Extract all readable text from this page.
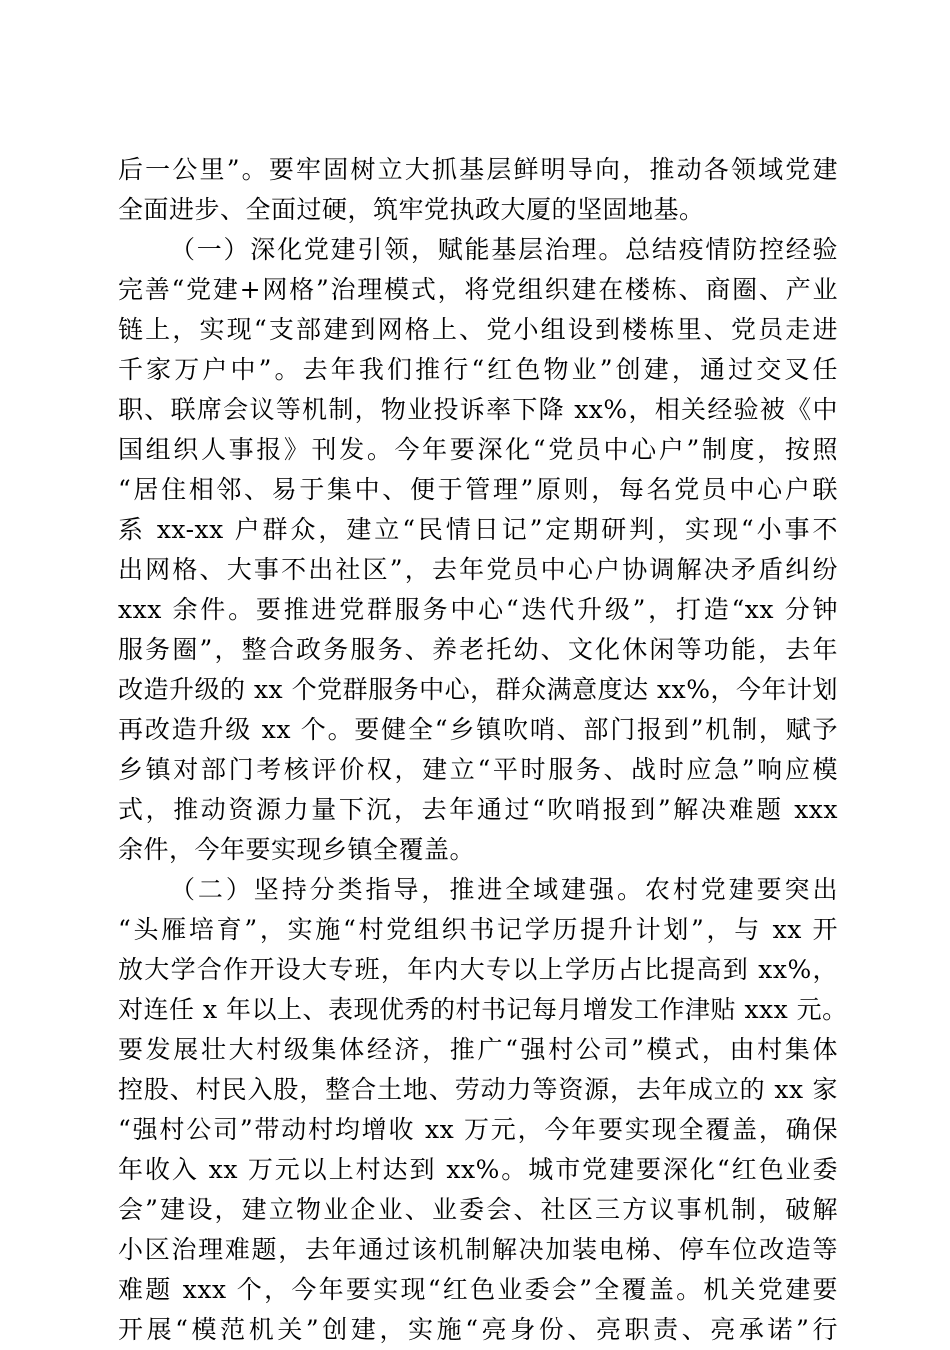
后一公里”。要牢固树立大抓基层鲜明导向，推动各领域党建
全面进步、全面过硬，筑牢党执政大厦的坚固地基。
（一）深化党建引领，赋能基层治理。总结疫情防控经验
完善“党建+网格”治理模式，将党组织建在楼栋、商圈、产业
链上，实现“支部建到网格上、党小组设到楼栋里、党员走进
千家万户中”。去年我们推行“红色物业”创建，通过交叉任
职、联席会议等机制，物业投诉率下降 xx%，相关经验被《中
国组织人事报》刊发。今年要深化“党员中心户”制度，按照
“居住相邻、易于集中、便于管理”原则，每名党员中心户联
系 xx-xx 户群众，建立“民情日记”定期研判，实现“小事不
出网格、大事不出社区”，去年党员中心户协调解决矛盾纠纷
xxx 余件。要推进党群服务中心“迭代升级”，打造“xx 分钟
服务圈”，整合政务服务、养老托幼、文化休闲等功能，去年
改造升级的 xx 个党群服务中心，群众满意度达 xx%，今年计划
再改造升级 xx 个。要健全“乡镇吹哨、部门报到”机制，赋予
乡镇对部门考核评价权，建立“平时服务、战时应急”响应模
式，推动资源力量下沉，去年通过“吹哨报到”解决难题 xxx
余件，今年要实现乡镇全覆盖。
（二）坚持分类指导，推进全域建强。农村党建要突出
“头雁培育”，实施“村党组织书记学历提升计划”，与 xx 开
放大学合作开设大专班，年内大专以上学历占比提高到 xx%，
对连任 x 年以上、表现优秀的村书记每月增发工作津贴 xxx 元。
要发展壮大村级集体经济，推广“强村公司”模式，由村集体
控股、村民入股，整合土地、劳动力等资源，去年成立的 xx 家
“强村公司”带动村均增收 xx 万元，今年要实现全覆盖，确保
年收入 xx 万元以上村达到 xx%。城市党建要深化“红色业委
会”建设，建立物业企业、业委会、社区三方议事机制，破解
小区治理难题，去年通过该机制解决加装电梯、停车位改造等
难题 xxx 个，今年要实现“红色业委会”全覆盖。机关党建要
开展“模范机关”创建，实施“亮身份、亮职责、亮承诺”行
